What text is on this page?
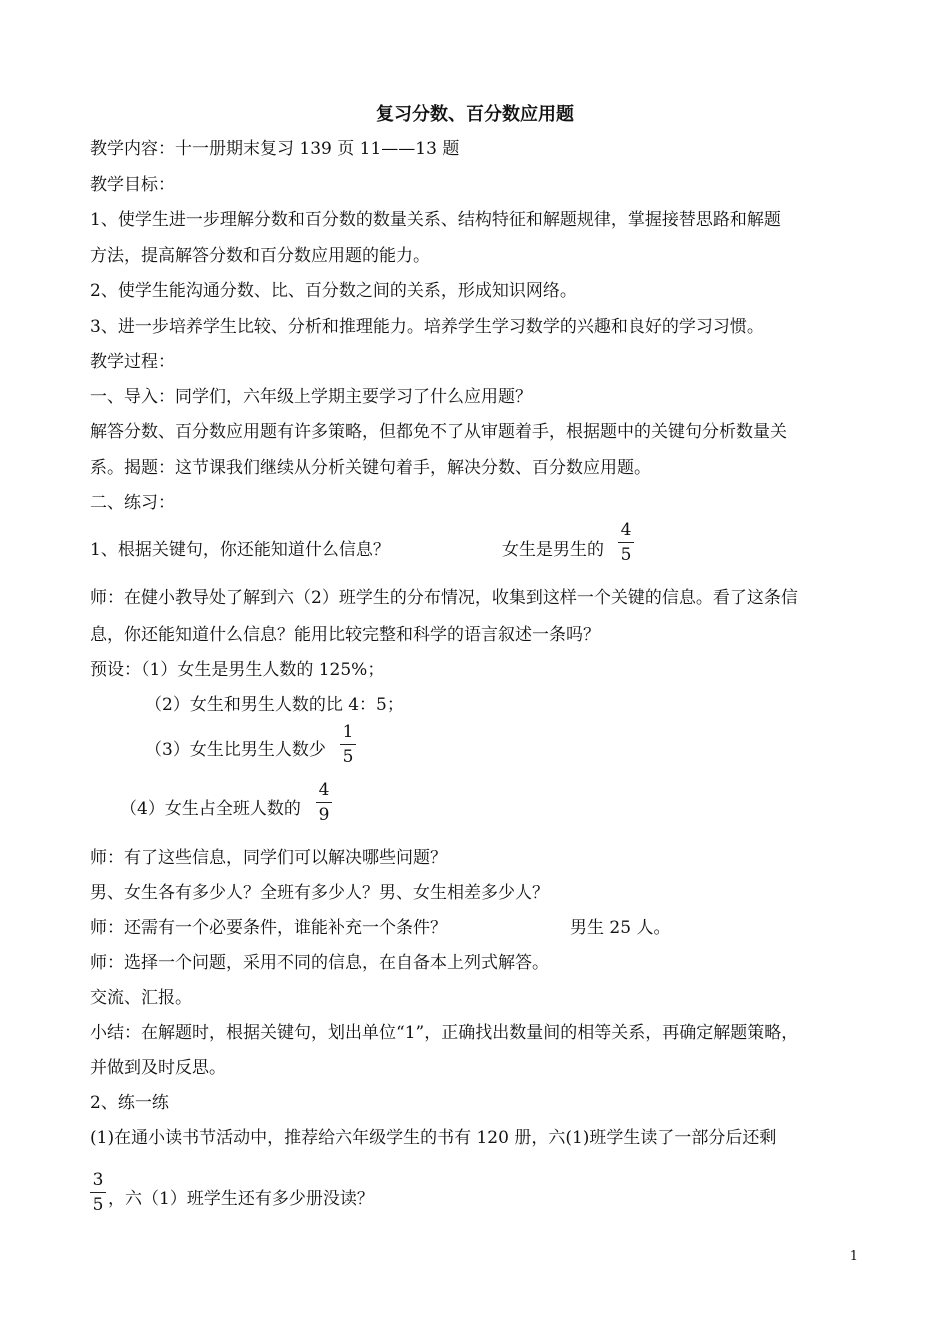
复习分数、百分数应用题
教学内容：十一册期末复习 139 页 11——13 题
教学目标：
1、使学生进一步理解分数和百分数的数量关系、结构特征和解题规律，掌握接替思路和解题
方法，提高解答分数和百分数应用题的能力。
2、使学生能沟通分数、比、百分数之间的关系，形成知识网络。
3、进一步培养学生比较、分析和推理能力。培养学生学习数学的兴趣和良好的学习习惯。
教学过程：
一、导入：同学们，六年级上学期主要学习了什么应用题？
解答分数、百分数应用题有许多策略，但都免不了从审题着手，根据题中的关键句分析数量关
系。揭题：这节课我们继续从分析关键句着手，解决分数、百分数应用题。
二、练习：
1、根据关键句，你还能知道什么信息？	女生是男生的
4
5
师：在健小教导处了解到六（2）班学生的分布情况，收集到这样一个关键的信息。看了这条信
息，你还能知道什么信息？能用比较完整和科学的语言叙述一条吗？
预设：（1）女生是男生人数的 125%；
（2）女生和男生人数的比 4：5；
（3）女生比男生人数少
1
5
（4）女生占全班人数的
4
9
师：有了这些信息，同学们可以解决哪些问题？
男、女生各有多少人？全班有多少人？男、女生相差多少人？
师：还需有一个必要条件，谁能补充一个条件？	男生 25 人。
师：选择一个问题，采用不同的信息，在自备本上列式解答。
交流、汇报。
小结：在解题时，根据关键句，划出单位“1”，正确找出数量间的相等关系，再确定解题策略，
并做到及时反思。
2、练一练
(1)在通小读书节活动中，推荐给六年级学生的书有 120 册，六(1)班学生读了一部分后还剩
3
5 ，六（1）班学生还有多少册没读？
1
